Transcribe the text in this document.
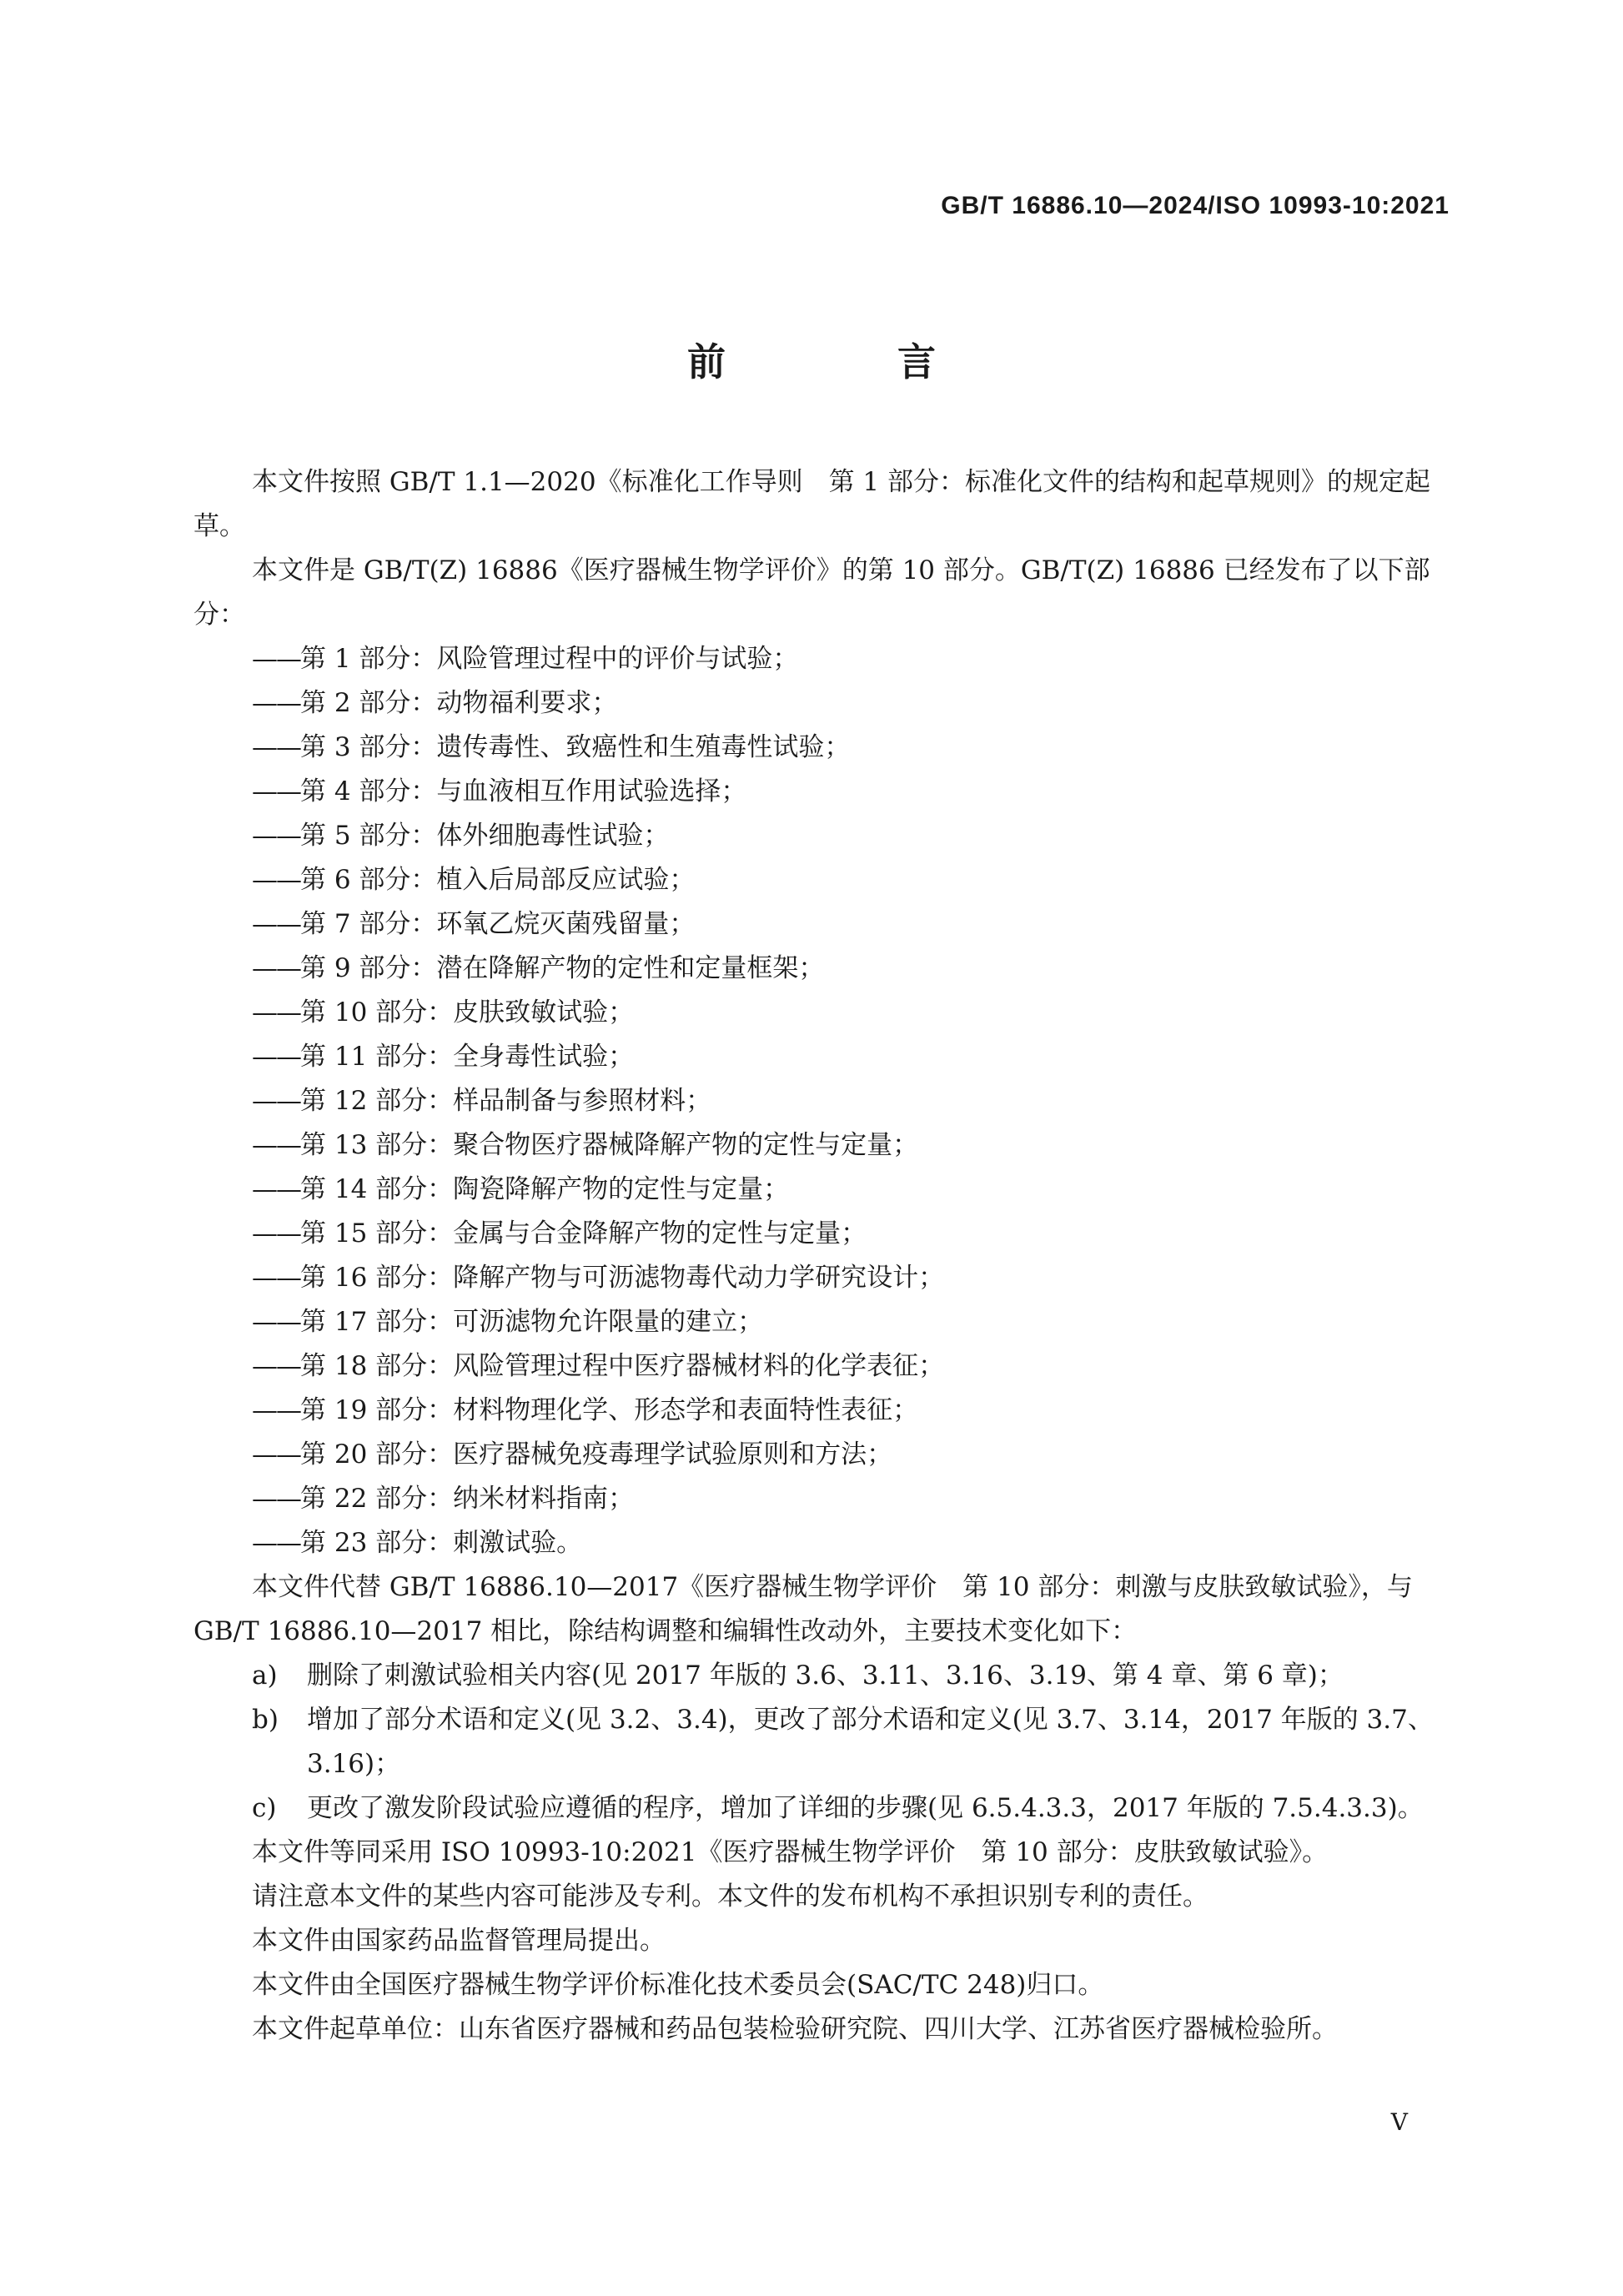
GB/T 16886.10—2024/ISO 10993-10:2021
前　言

本文件按照 GB/T 1.1—2020《标准化工作导则　第 1 部分：标准化文件的结构和起草规则》的规定起草。

本文件是 GB/T(Z) 16886《医疗器械生物学评价》的第 10 部分。GB/T(Z) 16886 已经发布了以下部分：

——第 1 部分：风险管理过程中的评价与试验；

——第 2 部分：动物福利要求；

——第 3 部分：遗传毒性、致癌性和生殖毒性试验；

——第 4 部分：与血液相互作用试验选择；

——第 5 部分：体外细胞毒性试验；

——第 6 部分：植入后局部反应试验；

——第 7 部分：环氧乙烷灭菌残留量；

——第 9 部分：潜在降解产物的定性和定量框架；

——第 10 部分：皮肤致敏试验；

——第 11 部分：全身毒性试验；

——第 12 部分：样品制备与参照材料；

——第 13 部分：聚合物医疗器械降解产物的定性与定量；

——第 14 部分：陶瓷降解产物的定性与定量；

——第 15 部分：金属与合金降解产物的定性与定量；

——第 16 部分：降解产物与可沥滤物毒代动力学研究设计；

——第 17 部分：可沥滤物允许限量的建立；

——第 18 部分：风险管理过程中医疗器械材料的化学表征；

——第 19 部分：材料物理化学、形态学和表面特性表征；

——第 20 部分：医疗器械免疫毒理学试验原则和方法；

——第 22 部分：纳米材料指南；

——第 23 部分：刺激试验。

本文件代替 GB/T 16886.10—2017《医疗器械生物学评价　第 10 部分：刺激与皮肤致敏试验》，与 GB/T 16886.10—2017 相比，除结构调整和编辑性改动外，主要技术变化如下：

a)	删除了刺激试验相关内容(见 2017 年版的 3.6、3.11、3.16、3.19、第 4 章、第 6 章)；
b)	增加了部分术语和定义(见 3.2、3.4)，更改了部分术语和定义(见 3.7、3.14，2017 年版的 3.7、3.16)；
c)	更改了激发阶段试验应遵循的程序，增加了详细的步骤(见 6.5.4.3.3，2017 年版的 7.5.4.3.3)。

本文件等同采用 ISO 10993-10:2021《医疗器械生物学评价　第 10 部分：皮肤致敏试验》。

请注意本文件的某些内容可能涉及专利。本文件的发布机构不承担识别专利的责任。

本文件由国家药品监督管理局提出。

本文件由全国医疗器械生物学评价标准化技术委员会(SAC/TC 248)归口。

本文件起草单位：山东省医疗器械和药品包装检验研究院、四川大学、江苏省医疗器械检验所。

V
